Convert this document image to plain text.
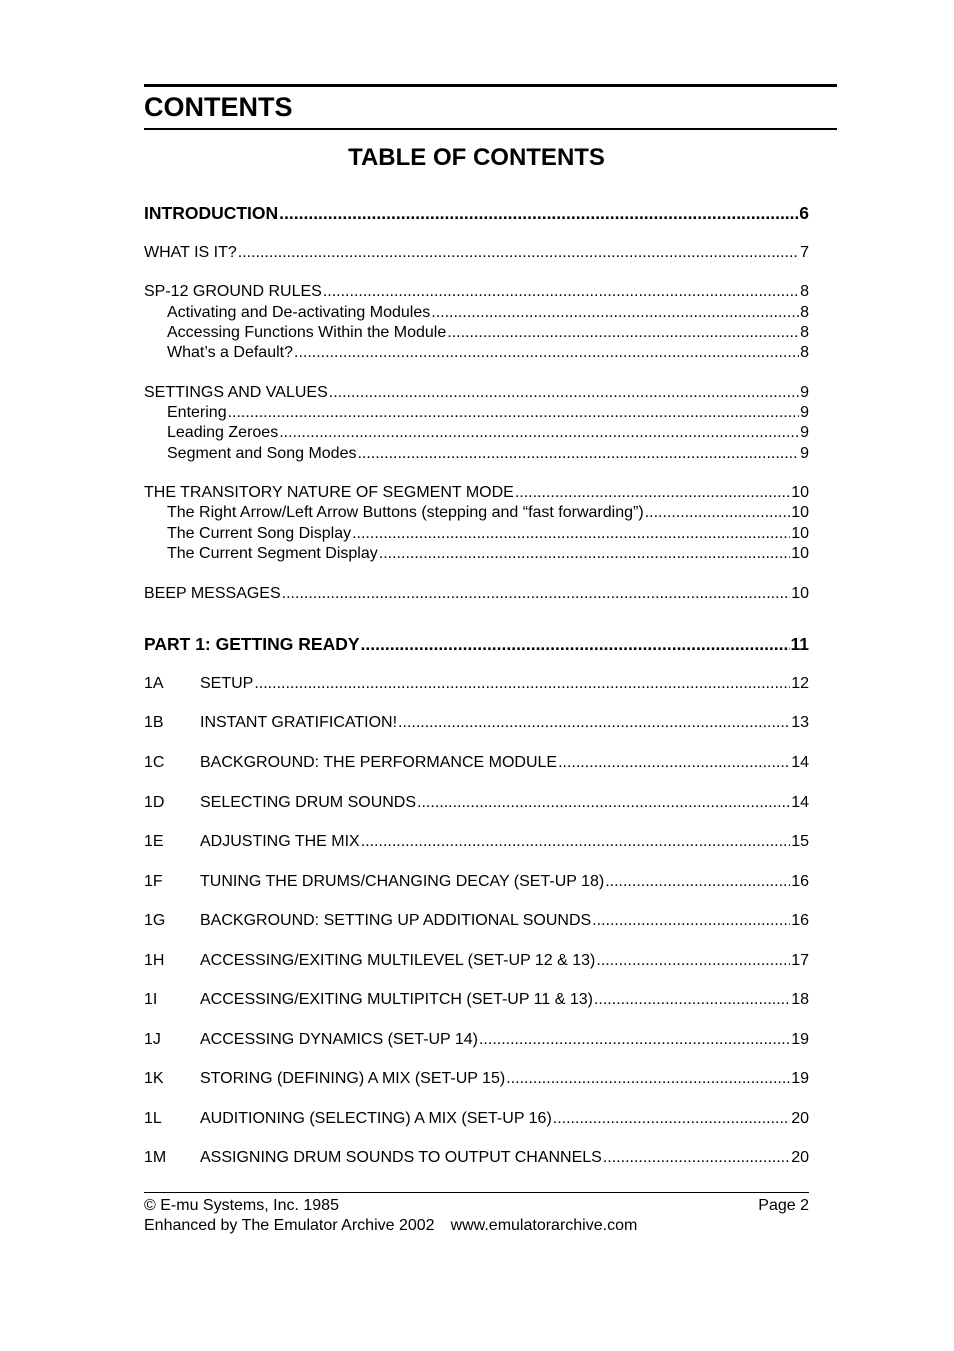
CONTENTS
TABLE OF CONTENTS
INTRODUCTION .....	6
WHAT IS IT? .....	7
SP-12 GROUND RULES .....	8
Activating and De-activating Modules .....	8
Accessing Functions Within the Module .....	8
What’s a Default? .....	8
SETTINGS AND VALUES .....	9
Entering .....	9
Leading Zeroes .....	9
Segment and Song Modes .....	9
THE TRANSITORY NATURE OF SEGMENT MODE .....	10
The Right Arrow/Left Arrow Buttons (stepping and “fast forwarding”) .....	10
The Current Song Display .....	10
The Current Segment Display .....	10
BEEP MESSAGES .....	10
PART 1: GETTING READY .....	11
1A	SETUP .....	12
1B	INSTANT GRATIFICATION! .....	13
1C	BACKGROUND: THE PERFORMANCE MODULE .....	14
1D	SELECTING DRUM SOUNDS .....	14
1E	ADJUSTING THE MIX .....	15
1F	TUNING THE DRUMS/CHANGING DECAY (SET-UP 18) .....	16
1G	BACKGROUND: SETTING UP ADDITIONAL SOUNDS .....	16
1H	ACCESSING/EXITING MULTILEVEL (SET-UP 12 & 13) .....	17
1I	ACCESSING/EXITING MULTIPITCH (SET-UP 11 & 13) .....	18
1J	ACCESSING DYNAMICS (SET-UP 14) .....	19
1K	STORING (DEFINING) A MIX (SET-UP 15) .....	19
1L	AUDITIONING (SELECTING) A MIX (SET-UP 16) .....	20
1M	ASSIGNING DRUM SOUNDS TO OUTPUT CHANNELS .....	20
© E-mu Systems, Inc. 1985	Page 2
Enhanced by The Emulator Archive 2002 www.emulatorarchive.com
